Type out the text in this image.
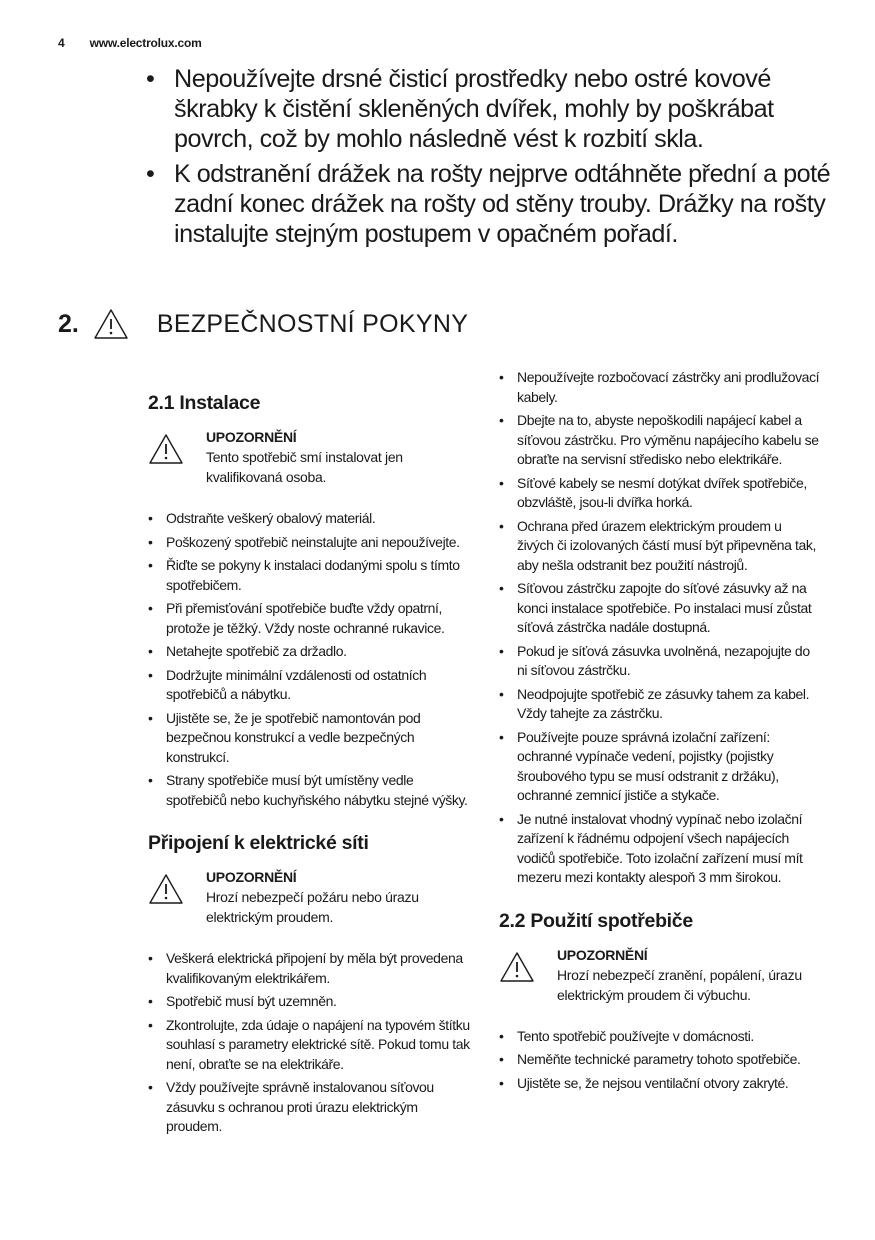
4 www.electrolux.com
• Nepoužívejte drsné čisticí prostředky nebo ostré kovové škrabky k čistění skleněných dvířek, mohly by poškrábat povrch, což by mohlo následně vést k rozbití skla.
• K odstranění drážek na rošty nejprve odtáhněte přední a poté zadní konec drážek na rošty od stěny trouby. Drážky na rošty instalujte stejným postupem v opačném pořadí.
2.	BEZPEČNOSTNÍ POKYNY
2.1 Instalace
UPOZORNĚNÍ
Tento spotřebič smí instalovat jen kvalifikovaná osoba.
• Odstraňte veškerý obalový materiál.
• Poškozený spotřebič neinstalujte ani nepoužívejte.
• Řiďte se pokyny k instalaci dodanými spolu s tímto spotřebičem.
• Při přemisťování spotřebiče buďte vždy opatrní, protože je těžký. Vždy noste ochranné rukavice.
• Netahejte spotřebič za držadlo.
• Dodržujte minimální vzdálenosti od ostatních spotřebičů a nábytku.
• Ujistěte se, že je spotřebič namontován pod bezpečnou konstrukcí a vedle bezpečných konstrukcí.
• Strany spotřebiče musí být umístěny vedle spotřebičů nebo kuchyňského nábytku stejné výšky.
Připojení k elektrické síti
UPOZORNĚNÍ
Hrozí nebezpečí požáru nebo úrazu elektrickým proudem.
• Veškerá elektrická připojení by měla být provedena kvalifikovaným elektrikářem.
• Spotřebič musí být uzemněn.
• Zkontrolujte, zda údaje o napájení na typovém štítku souhlasí s parametry elektrické sítě. Pokud tomu tak není, obraťte se na elektrikáře.
• Vždy používejte správně instalovanou síťovou zásuvku s ochranou proti úrazu elektrickým proudem.
• Nepoužívejte rozbočovací zástrčky ani prodlužovací kabely.
• Dbejte na to, abyste nepoškodili napájecí kabel a síťovou zástrčku. Pro výměnu napájecího kabelu se obraťte na servisní středisko nebo elektrikáře.
• Síťové kabely se nesmí dotýkat dvířek spotřebiče, obzvláště, jsou-li dvířka horká.
• Ochrana před úrazem elektrickým proudem u živých či izolovaných částí musí být připevněna tak, aby nešla odstranit bez použití nástrojů.
• Síťovou zástrčku zapojte do síťové zásuvky až na konci instalace spotřebiče. Po instalaci musí zůstat síťová zástrčka nadále dostupná.
• Pokud je síťová zásuvka uvolněná, nezapojujte do ni síťovou zástrčku.
• Neodpojujte spotřebič ze zásuvky tahem za kabel. Vždy tahejte za zástrčku.
• Používejte pouze správná izolační zařízení: ochranné vypínače vedení, pojistky (pojistky šroubového typu se musí odstranit z držáku), ochranné zemnicí jističe a stykače.
• Je nutné instalovat vhodný vypínač nebo izolační zařízení k řádnému odpojení všech napájecích vodičů spotřebiče. Toto izolační zařízení musí mít mezeru mezi kontakty alespoň 3 mm širokou.
2.2 Použití spotřebiče
UPOZORNĚNÍ
Hrozí nebezpečí zranění, popálení, úrazu elektrickým proudem či výbuchu.
• Tento spotřebič používejte v domácnosti.
• Neměňte technické parametry tohoto spotřebiče.
• Ujistěte se, že nejsou ventilační otvory zakryté.
